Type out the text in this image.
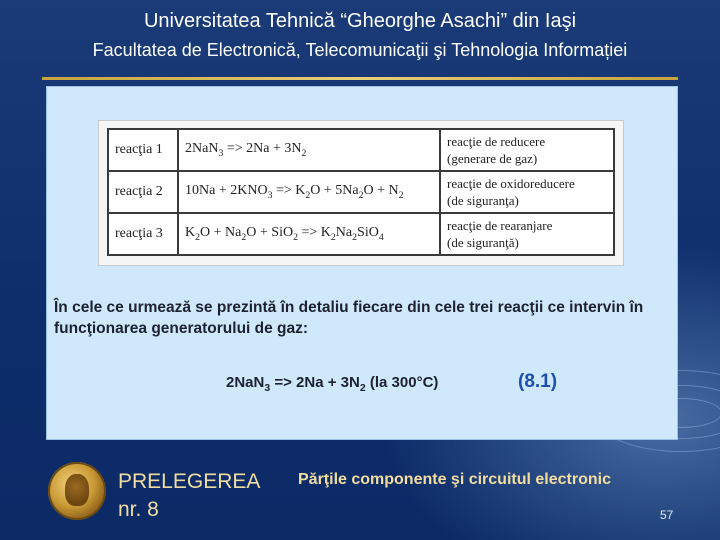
Universitatea Tehnică “Gheorghe Asachi” din Iaşi
Facultatea de Electronică, Telecomunicaţii şi Tehnologia Informației
reacţia 1	$2NaN_3 => 2Na + 3N_2$	reacţie de reducere
(generare de gaz)

reacţia 2	$10Na + 2KNO_3 => K_2O + 5Na_2O + N_2$	reacţie de oxidoreducere
(de siguranţa)

reacţia 3	$K_2O + Na_2O + SiO_2 => K_2Na_2SiO_4$	reacţie de rearanjare
(de siguranţă)
În cele ce urmează se prezintă în detaliu fiecare din cele trei reacţii ce intervin în funcţionarea generatorului de gaz:
$2NaN_3 => 2Na + 3N_2$ (la 300°C)	(8.1)
PRELEGEREA
nr. 8
Părţile componente şi circuitul electronic
57
